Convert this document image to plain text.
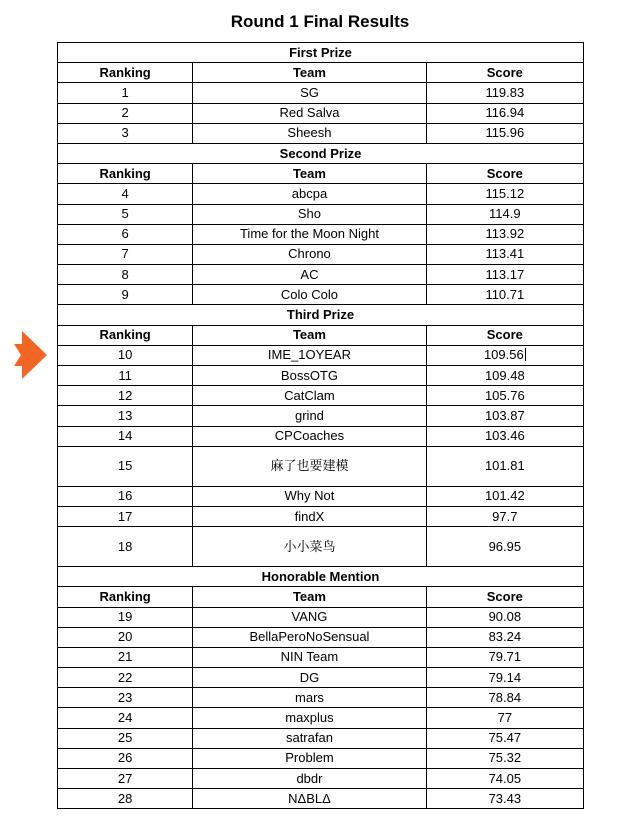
Round 1 Final Results
First Prize		
Ranking	Team	Score
1	SG	119.83
2	Red Salva	116.94
3	Sheesh	115.96
Second Prize		
Ranking	Team	Score
4	abcpa	115.12
5	Sho	114.9
6	Time for the Moon Night	113.92
7	Chrono	113.41
8	AC	113.17
9	Colo Colo	110.71
Third Prize		
Ranking	Team	Score
10	IME_1OYEAR	109.56
11	BossOTG	109.48
12	CatClam	105.76
13	grind	103.87
14	CPCoaches	103.46
15	麻了也要建模	101.81
16	Why Not	101.42
17	findX	97.7
18	小小菜鸟	96.95
Honorable Mention		
Ranking	Team	Score
19	VANG	90.08
20	BellaPeroNoSensual	83.24
21	NIN Team	79.71
22	DG	79.14
23	mars	78.84
24	maxplus	77
25	satrafan	75.47
26	Problem	75.32
27	dbdr	74.05
28	NΔBLΔ	73.43
